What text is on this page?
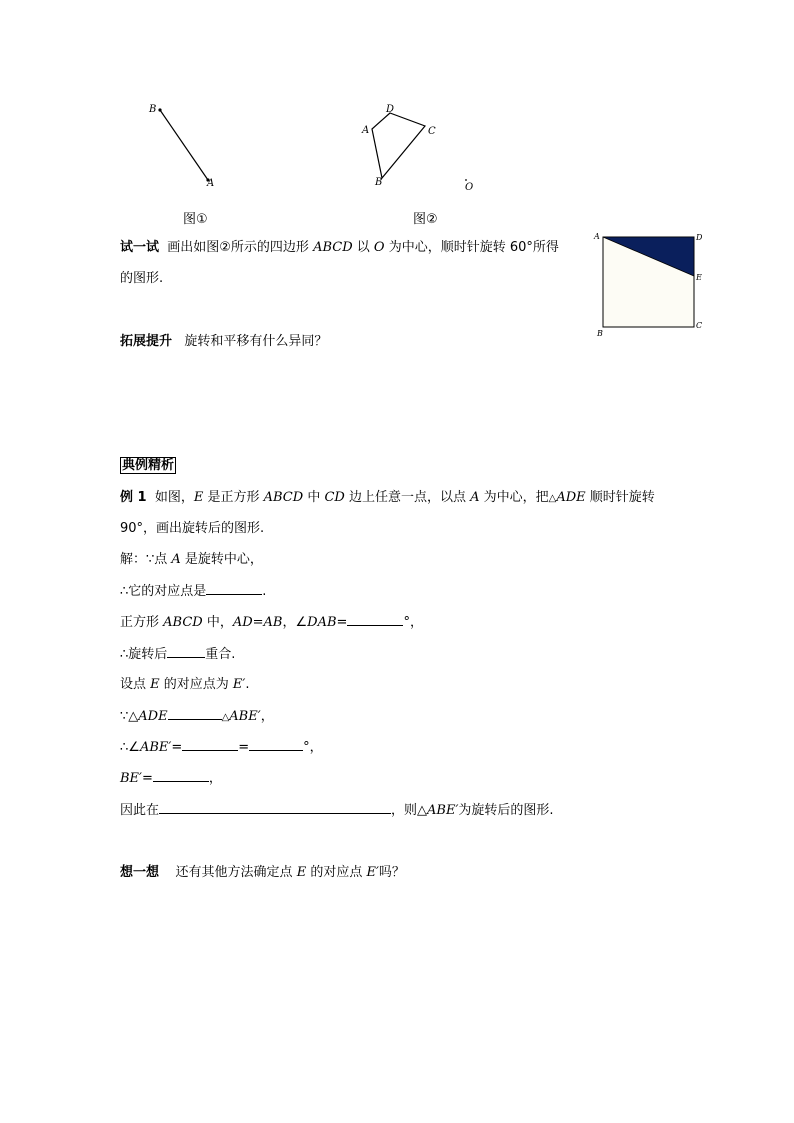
B
A
图①
D
A	C
B	O
图②
A	D
E
B
C
试一试 画出如图②所示的四边形 ABCD 以 O 为中心，顺时针旋转 60°所得
的图形.
拓展提升 旋转和平移有什么异同？
典例精析
例 1 如图，E 是正方形 ABCD 中 CD 边上任意一点，以点 A 为中心，把△ADE 顺时针旋转
90°，画出旋转后的图形.
解：∵点 A 是旋转中心，
∴它的对应点是	.
正方形 ABCD 中，AD=AB，∠DAB=	°，
∴旋转后	重合.
设点 E 的对应点为 E′.
∵△ADE	△ABE′，
∴∠ABE′=	=	°，
BE′=	，
因此在	，则△ABE′为旋转后的图形.
想一想 还有其他方法确定点 E 的对应点 E′吗？
